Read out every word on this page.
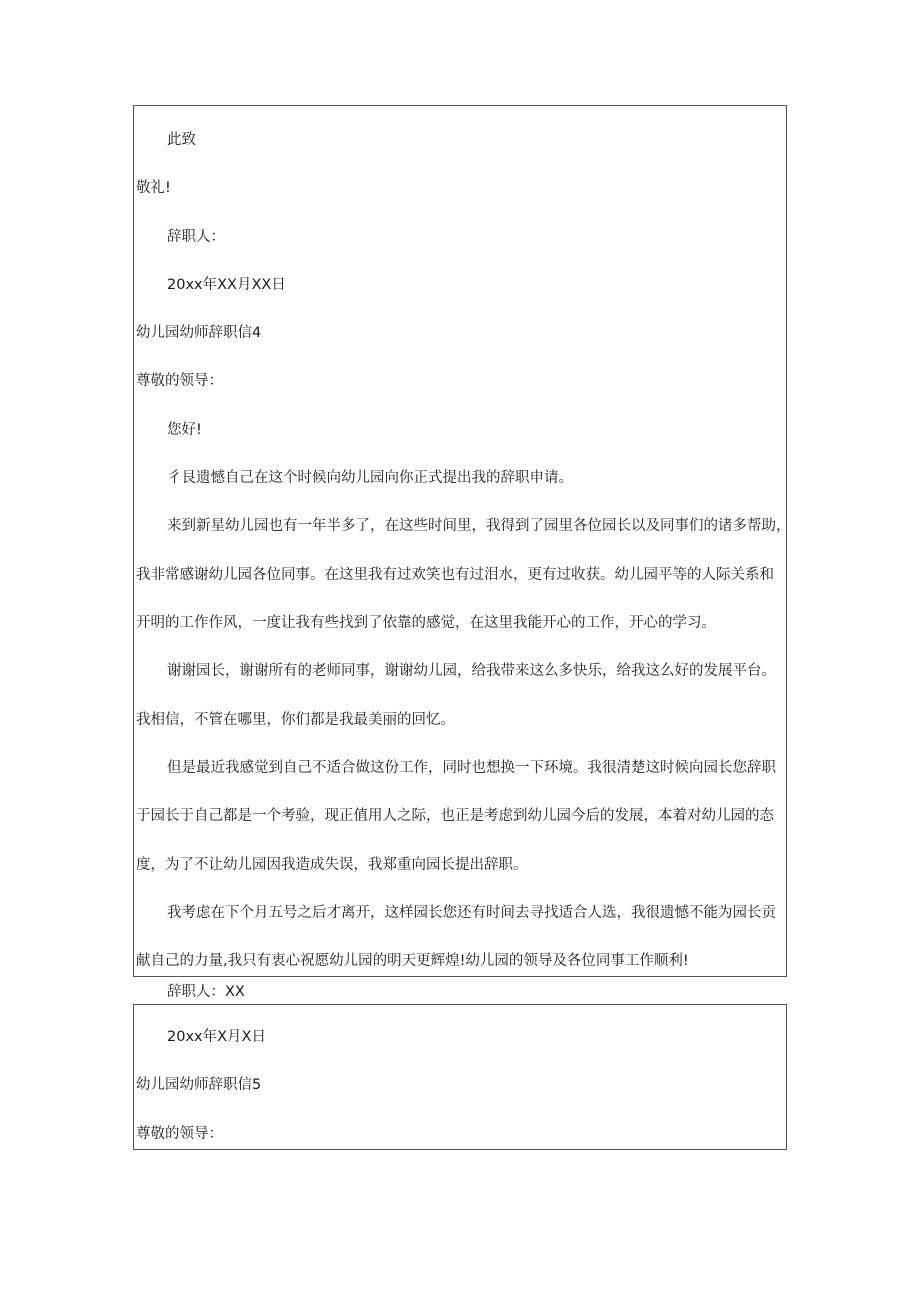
此致
敬礼!
辞职人：
20xx年XX月XX日
幼儿园幼师辞职信4
尊敬的领导：
您好!
彳艮遗憾自己在这个时候向幼儿园向你正式提出我的辞职申请。
来到新星幼儿园也有一年半多了，在这些时间里，我得到了园里各位园长以及同事们的诸多帮助，
我非常感谢幼儿园各位同事。在这里我有过欢笑也有过泪水，更有过收获。幼儿园平等的人际关系和
开明的工作作风，一度让我有些找到了依靠的感觉，在这里我能开心的工作，开心的学习。
谢谢园长，谢谢所有的老师同事，谢谢幼儿园，给我带来这么多快乐，给我这么好的发展平台。
我相信，不管在哪里，你们都是我最美丽的回忆。
但是最近我感觉到自己不适合做这份工作，同时也想换一下环境。我很清楚这时候向园长您辞职
于园长于自己都是一个考验，现正值用人之际，也正是考虑到幼儿园今后的发展，本着对幼儿园的态
度，为了不让幼儿园因我造成失误，我郑重向园长提出辞职。
我考虑在下个月五号之后才离开，这样园长您还有时间去寻找适合人选，我很遗憾不能为园长贡
献自己的力量,我只有衷心祝愿幼儿园的明天更辉煌!幼儿园的领导及各位同事工作顺利!
辞职人：XX
20xx年X月X日
幼儿园幼师辞职信5
尊敬的领导：
